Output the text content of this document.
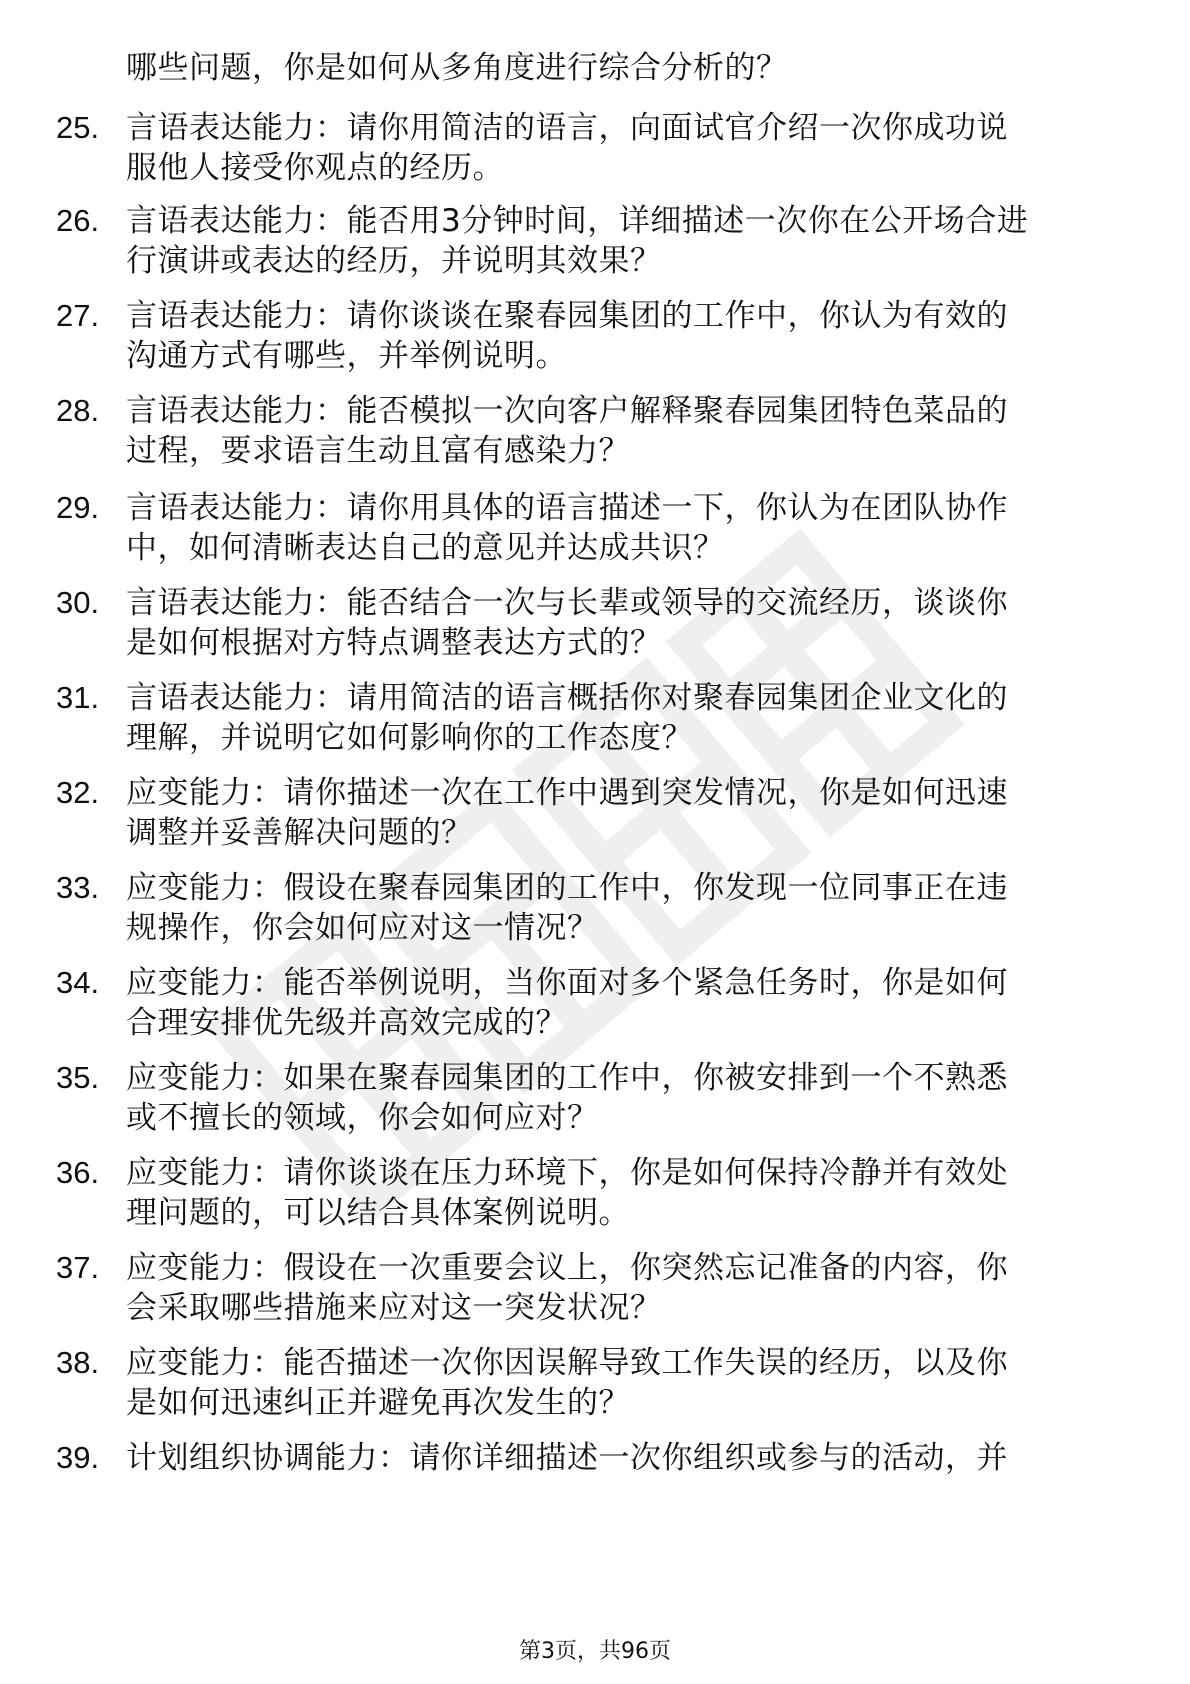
哪些问题，你是如何从多角度进行综合分析的？
25. 言语表达能力：请你用简洁的语言，向面试官介绍一次你成功说
服他人接受你观点的经历。
26. 言语表达能力：能否用3分钟时间，详细描述一次你在公开场合进
行演讲或表达的经历，并说明其效果？
27. 言语表达能力：请你谈谈在聚春园集团的工作中，你认为有效的
沟通方式有哪些，并举例说明。
28. 言语表达能力：能否模拟一次向客户解释聚春园集团特色菜品的
过程，要求语言生动且富有感染力？
29. 言语表达能力：请你用具体的语言描述一下，你认为在团队协作
中，如何清晰表达自己的意见并达成共识？
30. 言语表达能力：能否结合一次与长辈或领导的交流经历，谈谈你
是如何根据对方特点调整表达方式的？
31. 言语表达能力：请用简洁的语言概括你对聚春园集团企业文化的
理解，并说明它如何影响你的工作态度？
32. 应变能力：请你描述一次在工作中遇到突发情况，你是如何迅速
调整并妥善解决问题的？
33. 应变能力：假设在聚春园集团的工作中，你发现一位同事正在违
规操作，你会如何应对这一情况？
34. 应变能力：能否举例说明，当你面对多个紧急任务时，你是如何
合理安排优先级并高效完成的？
35. 应变能力：如果在聚春园集团的工作中，你被安排到一个不熟悉
或不擅长的领域，你会如何应对？
36. 应变能力：请你谈谈在压力环境下，你是如何保持冷静并有效处
理问题的，可以结合具体案例说明。
37. 应变能力：假设在一次重要会议上，你突然忘记准备的内容，你
会采取哪些措施来应对这一突发状况？
38. 应变能力：能否描述一次你因误解导致工作失误的经历，以及你
是如何迅速纠正并避免再次发生的？
39. 计划组织协调能力：请你详细描述一次你组织或参与的活动，并
第3页，共96页
